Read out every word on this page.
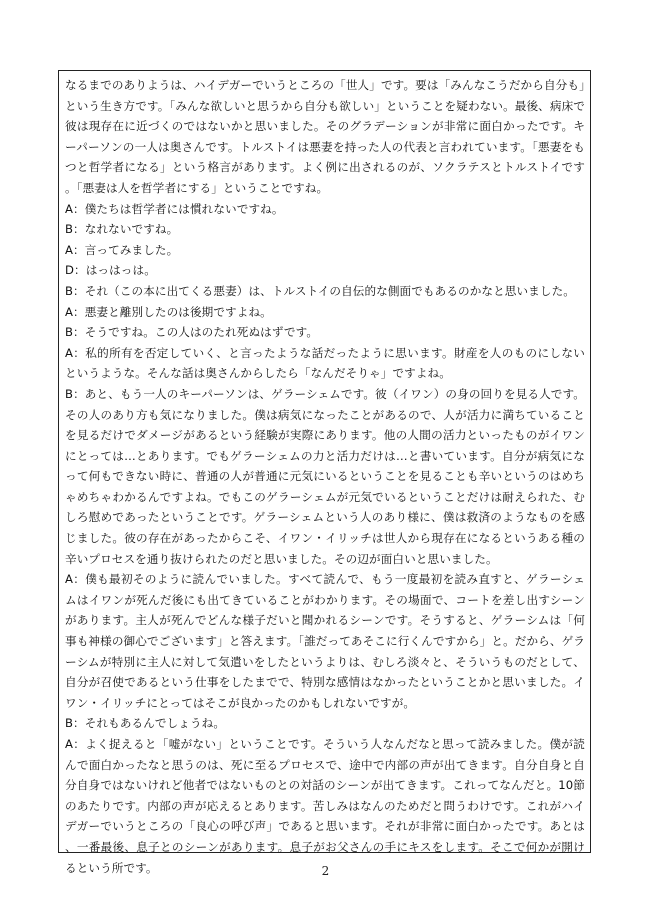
なるまでのありようは、ハイデガーでいうところの「世人」です。要は「みんなこうだから自分も」という生き方です。「みんな欲しいと思うから自分も欲しい」ということを疑わない。最後、病床で彼は現存在に近づくのではないかと思いました。そのグラデーションが非常に面白かったです。キーパーソンの一人は奥さんです。トルストイは悪妻を持った人の代表と言われています。「悪妻をもつと哲学者になる」という格言があります。よく例に出されるのが、ソクラテスとトルストイです。「悪妻は人を哲学者にする」ということですね。

A：僕たちは哲学者には慣れないですね。

B：なれないですね。

A：言ってみました。

D：はっはっは。

B：それ（この本に出てくる悪妻）は、トルストイの自伝的な側面でもあるのかなと思いました。

A：悪妻と離別したのは後期ですよね。

B：そうですね。この人はのたれ死ぬはずです。

A：私的所有を否定していく、と言ったような話だったように思います。財産を人のものにしないというような。そんな話は奥さんからしたら「なんだそりゃ」ですよね。

B：あと、もう一人のキーパーソンは、ゲラーシェムです。彼（イワン）の身の回りを見る人です。その人のあり方も気になりました。僕は病気になったことがあるので、人が活力に満ちていることを見るだけでダメージがあるという経験が実際にあります。他の人間の活力といったものがイワンにとっては…とあります。でもゲラーシェムの力と活力だけは…と書いています。自分が病気になって何もできない時に、普通の人が普通に元気にいるということを見ることも辛いというのはめちゃめちゃわかるんですよね。でもこのゲラーシェムが元気でいるということだけは耐えられた、むしろ慰めであったということです。ゲラーシェムという人のあり様に、僕は救済のようなものを感じました。彼の存在があったからこそ、イワン・イリッチは世人から現存在になるというある種の辛いプロセスを通り抜けられたのだと思いました。その辺が面白いと思いました。

A：僕も最初そのように読んでいました。すべて読んで、もう一度最初を読み直すと、ゲラーシェムはイワンが死んだ後にも出てきていることがわかります。その場面で、コートを差し出すシーンがあります。主人が死んでどんな様子だいと聞かれるシーンです。そうすると、ゲラーシムは「何事も神様の御心でございます」と答えます。「誰だってあそこに行くんですから」と。だから、ゲラーシムが特別に主人に対して気遣いをしたというよりは、むしろ淡々と、そういうものだとして、自分が召使であるという仕事をしたまでで、特別な感情はなかったということかと思いました。イワン・イリッチにとってはそこが良かったのかもしれないですが。

B：それもあるんでしょうね。

A：よく捉えると「嘘がない」ということです。そういう人なんだなと思って読みました。僕が読んで面白かったなと思うのは、死に至るプロセスで、途中で内部の声が出てきます。自分自身と自分自身ではないけれど他者ではないものとの対話のシーンが出てきます。これってなんだと。10節のあたりです。内部の声が応えるとあります。苦しみはなんのためだと問うわけです。これがハイデガーでいうところの「良心の呼び声」であると思います。それが非常に面白かったです。あとは、一番最後、息子とのシーンがあります。息子がお父さんの手にキスをします。そこで何かが開けるという所です。	2
